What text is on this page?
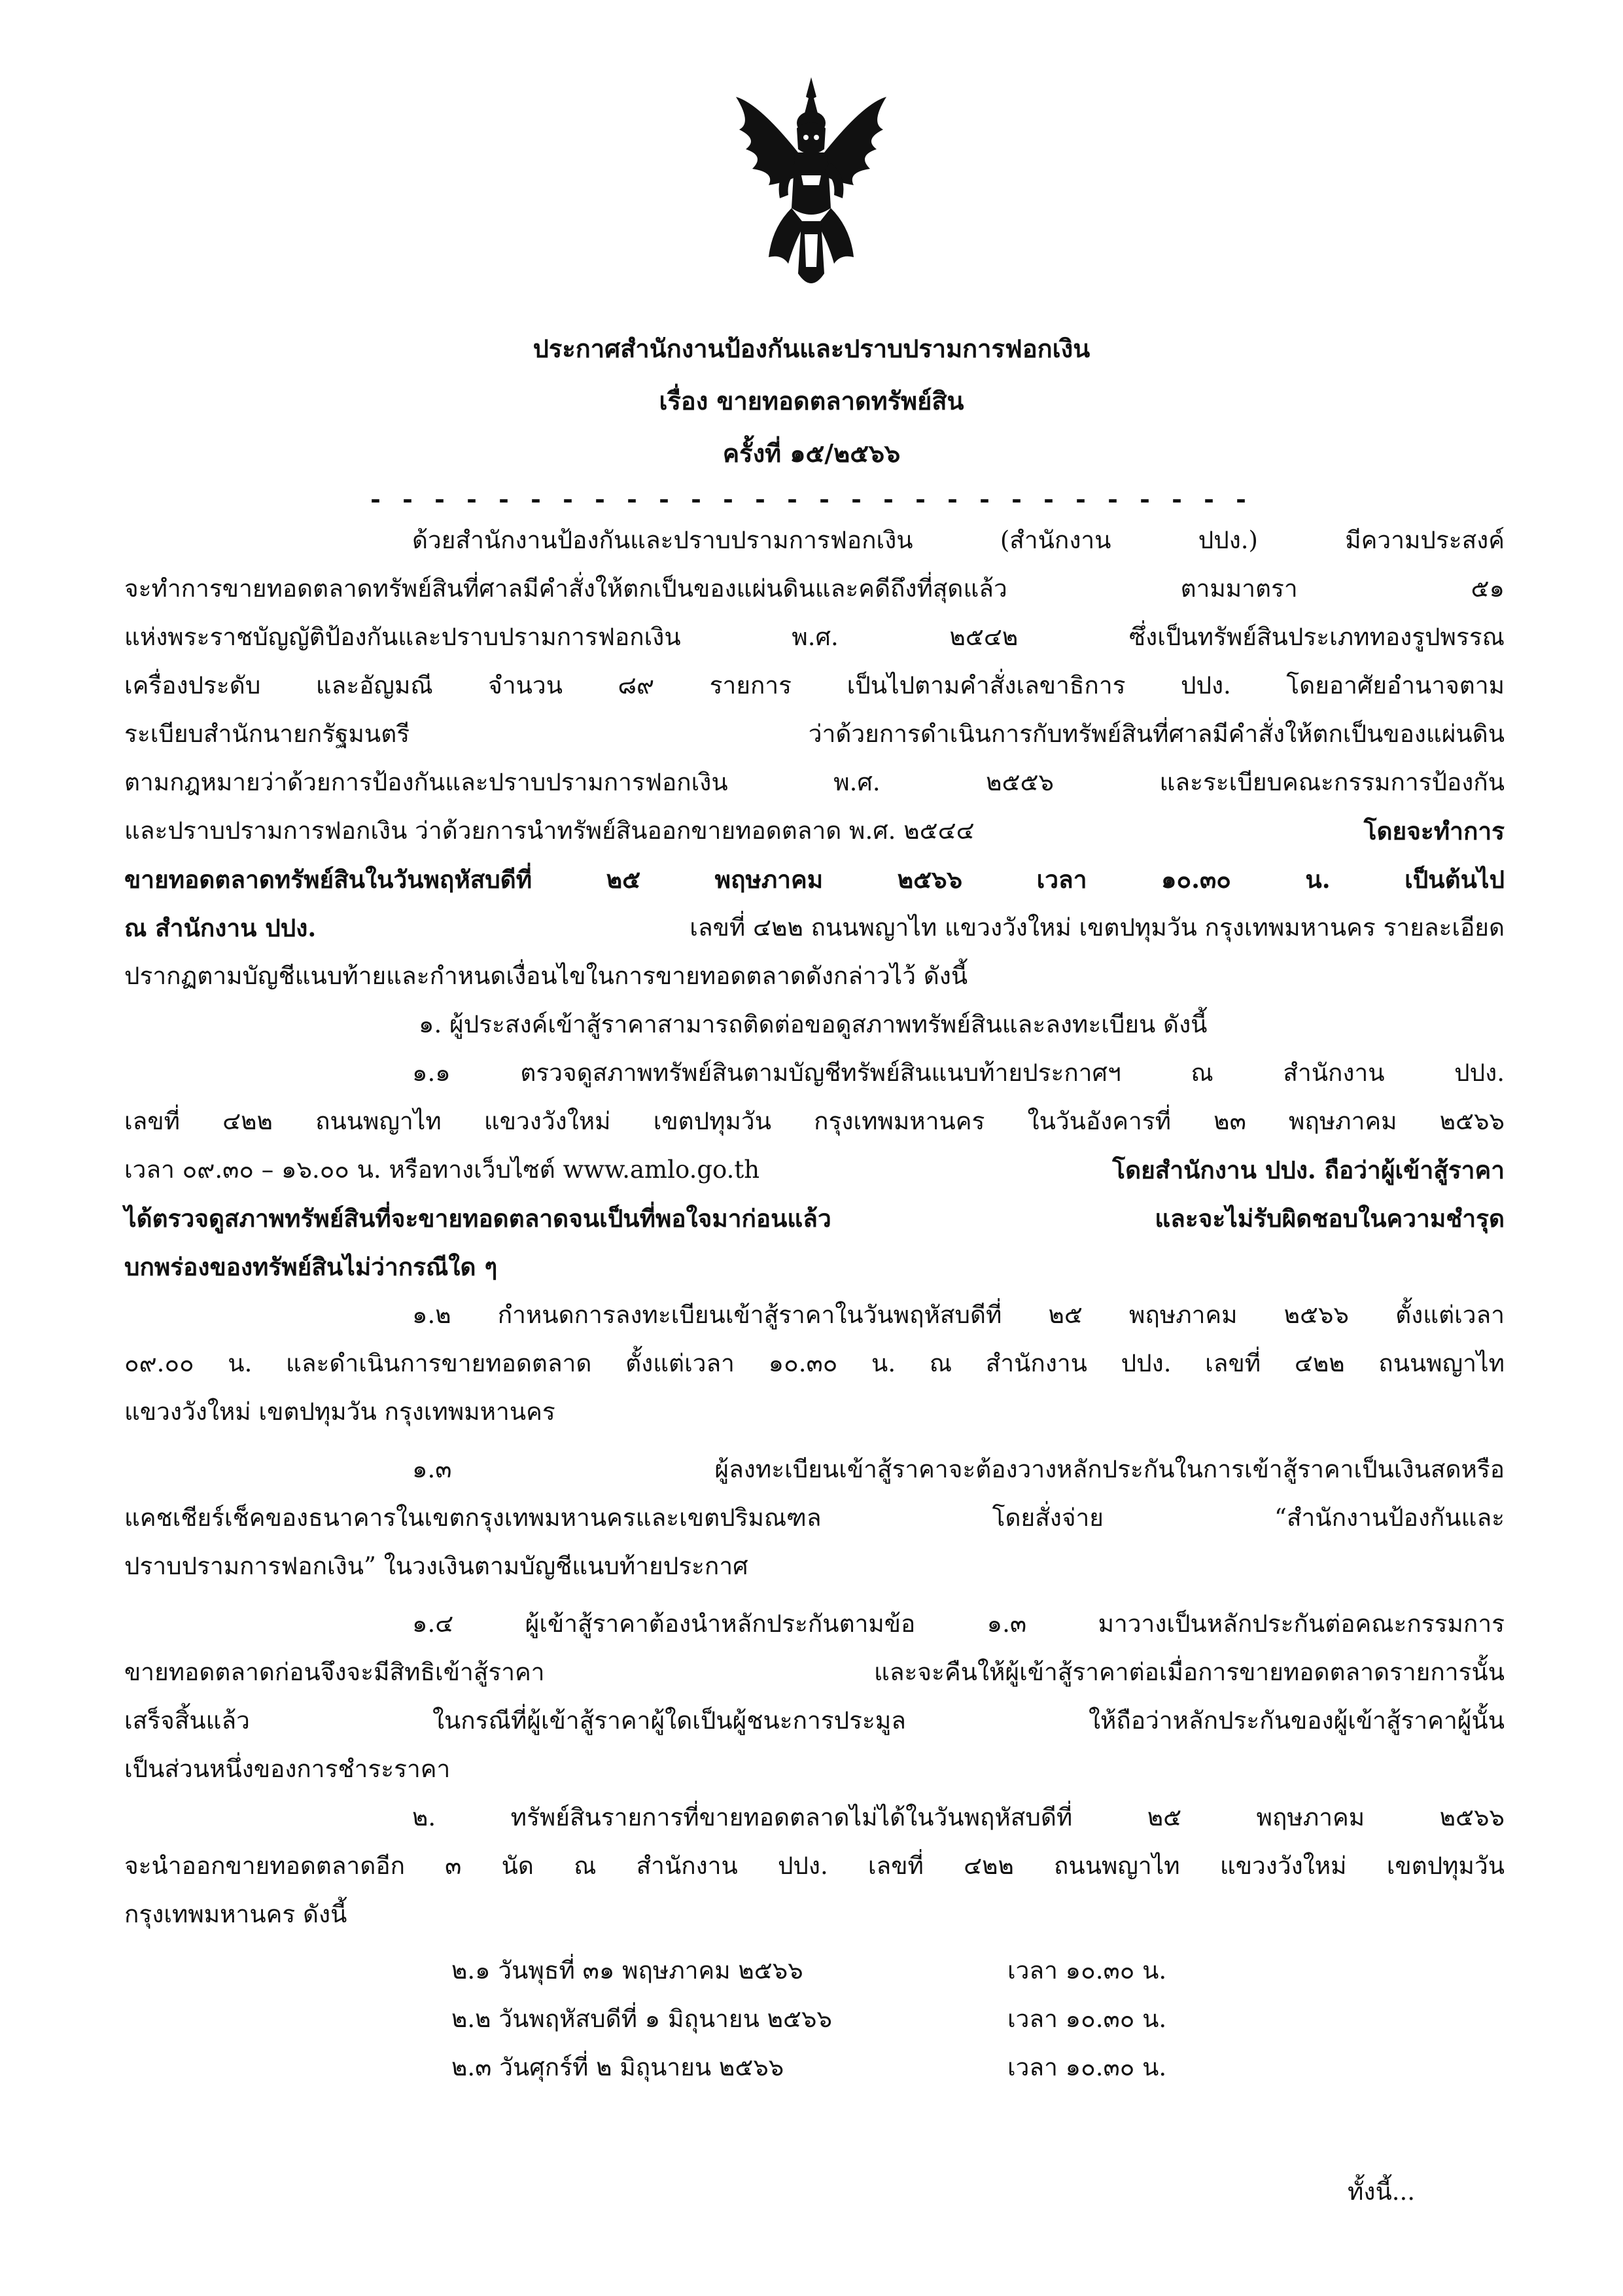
ประกาศสำนักงานป้องกันและปราบปรามการฟอกเงิน
เรื่อง ขายทอดตลาดทรัพย์สิน
ครั้งที่ ๑๕/๒๕๖๖
- - - - - - - - - - - - - - - - - - - - - - - - - - - -
ด้วยสำนักงานป้องกันและปราบปรามการฟอกเงิน (สำนักงาน ปปง.) มีความประสงค์
จะทำการขายทอดตลาดทรัพย์สินที่ศาลมีคำสั่งให้ตกเป็นของแผ่นดินและคดีถึงที่สุดแล้ว ตามมาตรา ๕๑
แห่งพระราชบัญญัติป้องกันและปราบปรามการฟอกเงิน พ.ศ. ๒๕๔๒ ซึ่งเป็นทรัพย์สินประเภททองรูปพรรณ
เครื่องประดับ และอัญมณี จำนวน ๘๙ รายการ เป็นไปตามคำสั่งเลขาธิการ ปปง. โดยอาศัยอำนาจตาม
ระเบียบสำนักนายกรัฐมนตรี ว่าด้วยการดำเนินการกับทรัพย์สินที่ศาลมีคำสั่งให้ตกเป็นของแผ่นดิน
ตามกฎหมายว่าด้วยการป้องกันและปราบปรามการฟอกเงิน พ.ศ. ๒๕๕๖ และระเบียบคณะกรรมการป้องกัน
และปราบปรามการฟอกเงิน ว่าด้วยการนำทรัพย์สินออกขายทอดตลาด พ.ศ. ๒๕๔๔	โดยจะทำการ
ขายทอดตลาดทรัพย์สินในวันพฤหัสบดีที่ ๒๕ พฤษภาคม ๒๕๖๖ เวลา ๑๐.๓๐ น. เป็นต้นไป
ณ สำนักงาน ปปง.	เลขที่ ๔๒๒ ถนนพญาไท แขวงวังใหม่ เขตปทุมวัน กรุงเทพมหานคร รายละเอียด
ปรากฏตามบัญชีแนบท้ายและกำหนดเงื่อนไขในการขายทอดตลาดดังกล่าวไว้ ดังนี้
๑. ผู้ประสงค์เข้าสู้ราคาสามารถติดต่อขอดูสภาพทรัพย์สินและลงทะเบียน ดังนี้
๑.๑ ตรวจดูสภาพทรัพย์สินตามบัญชีทรัพย์สินแนบท้ายประกาศฯ ณ สำนักงาน ปปง.
เลขที่ ๔๒๒ ถนนพญาไท แขวงวังใหม่ เขตปทุมวัน กรุงเทพมหานคร ในวันอังคารที่ ๒๓ พฤษภาคม ๒๕๖๖
เวลา ๐๙.๓๐ – ๑๖.๐๐ น. หรือทางเว็บไซต์ www.amlo.go.th	โดยสำนักงาน ปปง. ถือว่าผู้เข้าสู้ราคา
ได้ตรวจดูสภาพทรัพย์สินที่จะขายทอดตลาดจนเป็นที่พอใจมาก่อนแล้ว และจะไม่รับผิดชอบในความชำรุด
บกพร่องของทรัพย์สินไม่ว่ากรณีใด ๆ
๑.๒ กำหนดการลงทะเบียนเข้าสู้ราคาในวันพฤหัสบดีที่ ๒๕ พฤษภาคม ๒๕๖๖ ตั้งแต่เวลา
๐๙.๐๐ น. และดำเนินการขายทอดตลาด ตั้งแต่เวลา ๑๐.๓๐ น. ณ สำนักงาน ปปง. เลขที่ ๔๒๒ ถนนพญาไท
แขวงวังใหม่ เขตปทุมวัน กรุงเทพมหานคร
๑.๓ ผู้ลงทะเบียนเข้าสู้ราคาจะต้องวางหลักประกันในการเข้าสู้ราคาเป็นเงินสดหรือ
แคชเชียร์เช็คของธนาคารในเขตกรุงเทพมหานครและเขตปริมณฑล โดยสั่งจ่าย “สำนักงานป้องกันและ
ปราบปรามการฟอกเงิน” ในวงเงินตามบัญชีแนบท้ายประกาศ
๑.๔ ผู้เข้าสู้ราคาต้องนำหลักประกันตามข้อ ๑.๓ มาวางเป็นหลักประกันต่อคณะกรรมการ
ขายทอดตลาดก่อนจึงจะมีสิทธิเข้าสู้ราคา และจะคืนให้ผู้เข้าสู้ราคาต่อเมื่อการขายทอดตลาดรายการนั้น
เสร็จสิ้นแล้ว ในกรณีที่ผู้เข้าสู้ราคาผู้ใดเป็นผู้ชนะการประมูล ให้ถือว่าหลักประกันของผู้เข้าสู้ราคาผู้นั้น
เป็นส่วนหนึ่งของการชำระราคา
๒. ทรัพย์สินรายการที่ขายทอดตลาดไม่ได้ในวันพฤหัสบดีที่ ๒๕ พฤษภาคม ๒๕๖๖
จะนำออกขายทอดตลาดอีก ๓ นัด ณ สำนักงาน ปปง. เลขที่ ๔๒๒ ถนนพญาไท แขวงวังใหม่ เขตปทุมวัน
กรุงเทพมหานคร ดังนี้
๒.๑ วันพุธที่ ๓๑ พฤษภาคม ๒๕๖๖	เวลา ๑๐.๓๐ น.
๒.๒ วันพฤหัสบดีที่ ๑ มิถุนายน ๒๕๖๖	เวลา ๑๐.๓๐ น.
๒.๓ วันศุกร์ที่ ๒ มิถุนายน ๒๕๖๖	เวลา ๑๐.๓๐ น.
ทั้งนี้...
